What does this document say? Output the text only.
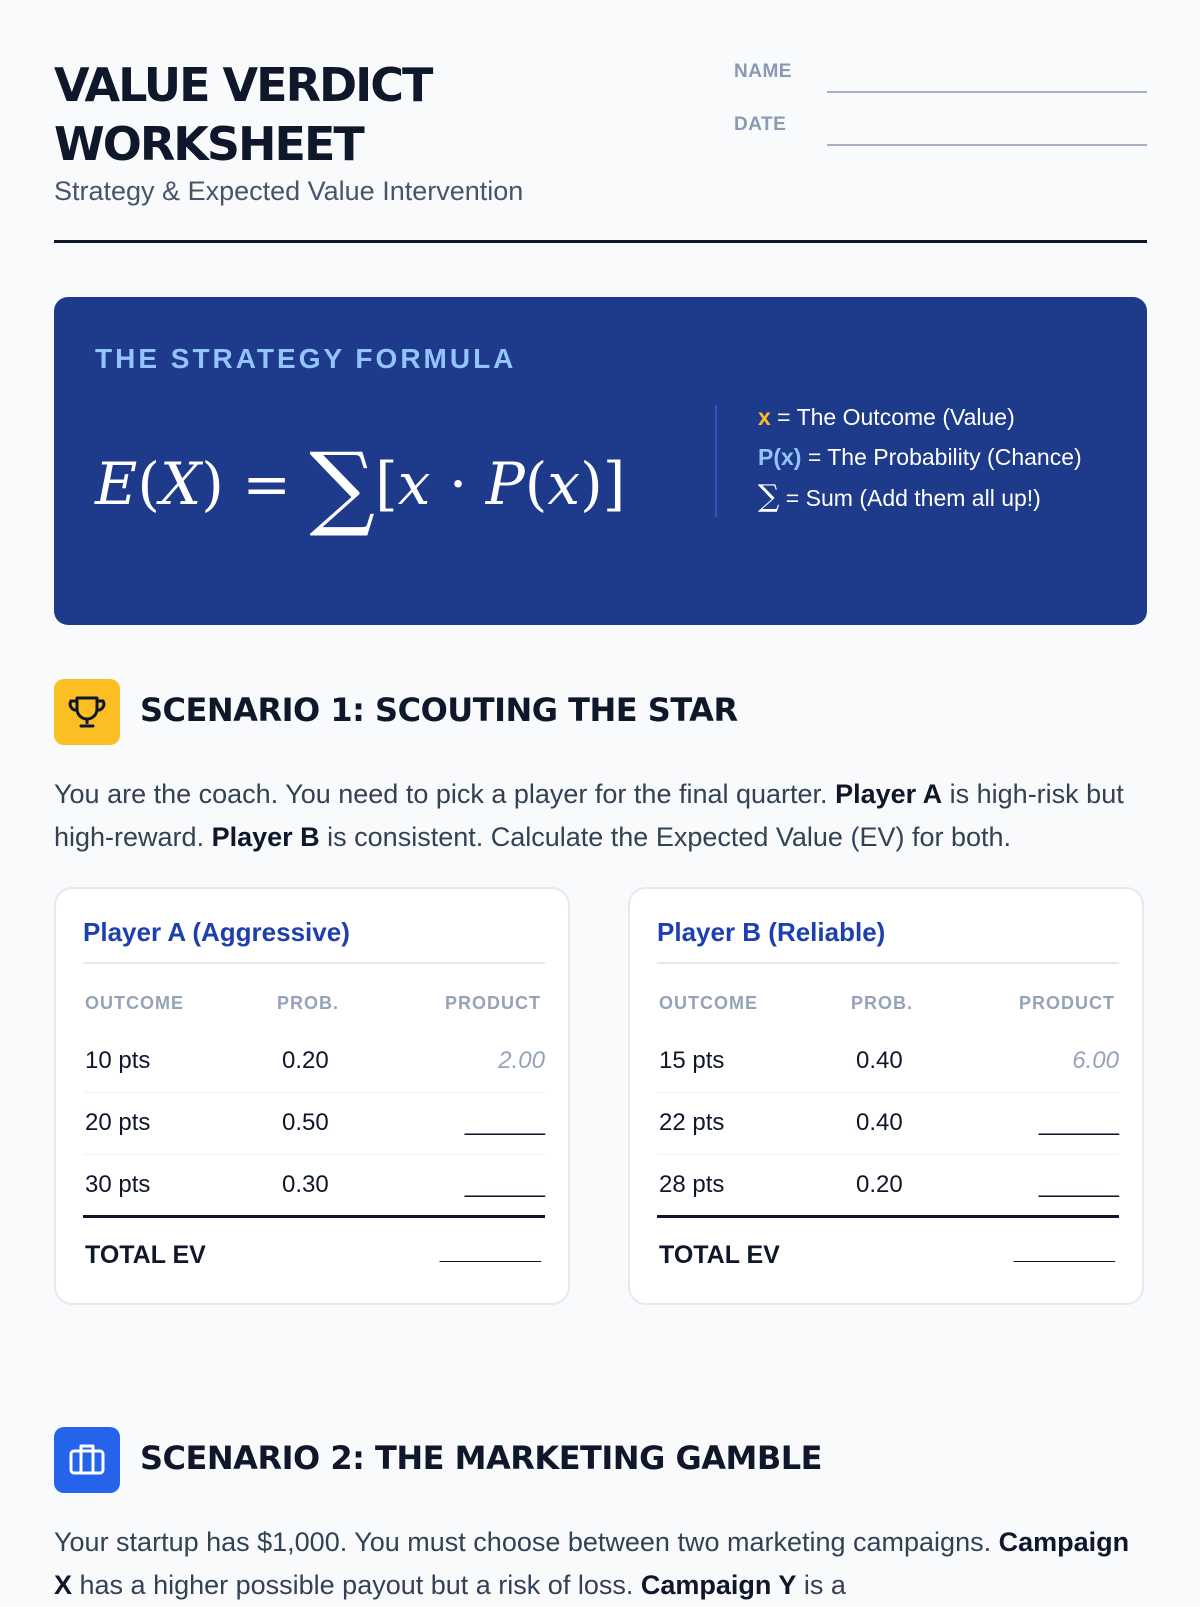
VALUE VERDICT WORKSHEET
Strategy & Expected Value Intervention
NAME
DATE
THE STRATEGY FORMULA
E(X) = ∑[x · P(x)]
x = The Outcome (Value)
P(x) = The Probability (Chance)
∑ = Sum (Add them all up!)
SCENARIO 1: SCOUTING THE STAR
You are the coach. You need to pick a player for the final quarter. Player A is high-risk but high-reward. Player B is consistent. Calculate the Expected Value (EV) for both.
Player A (Aggressive)
OUTCOME	PROB.	PRODUCT
10 pts	0.20	2.00
20 pts	0.50	______
30 pts	0.30	______
TOTAL EV	_______
Player B (Reliable)
OUTCOME	PROB.	PRODUCT
15 pts	0.40	6.00
22 pts	0.40	______
28 pts	0.20	______
TOTAL EV	_______
SCENARIO 2: THE MARKETING GAMBLE
Your startup has $1,000. You must choose between two marketing campaigns. Campaign X has a higher possible payout but a risk of loss. Campaign Y is a
